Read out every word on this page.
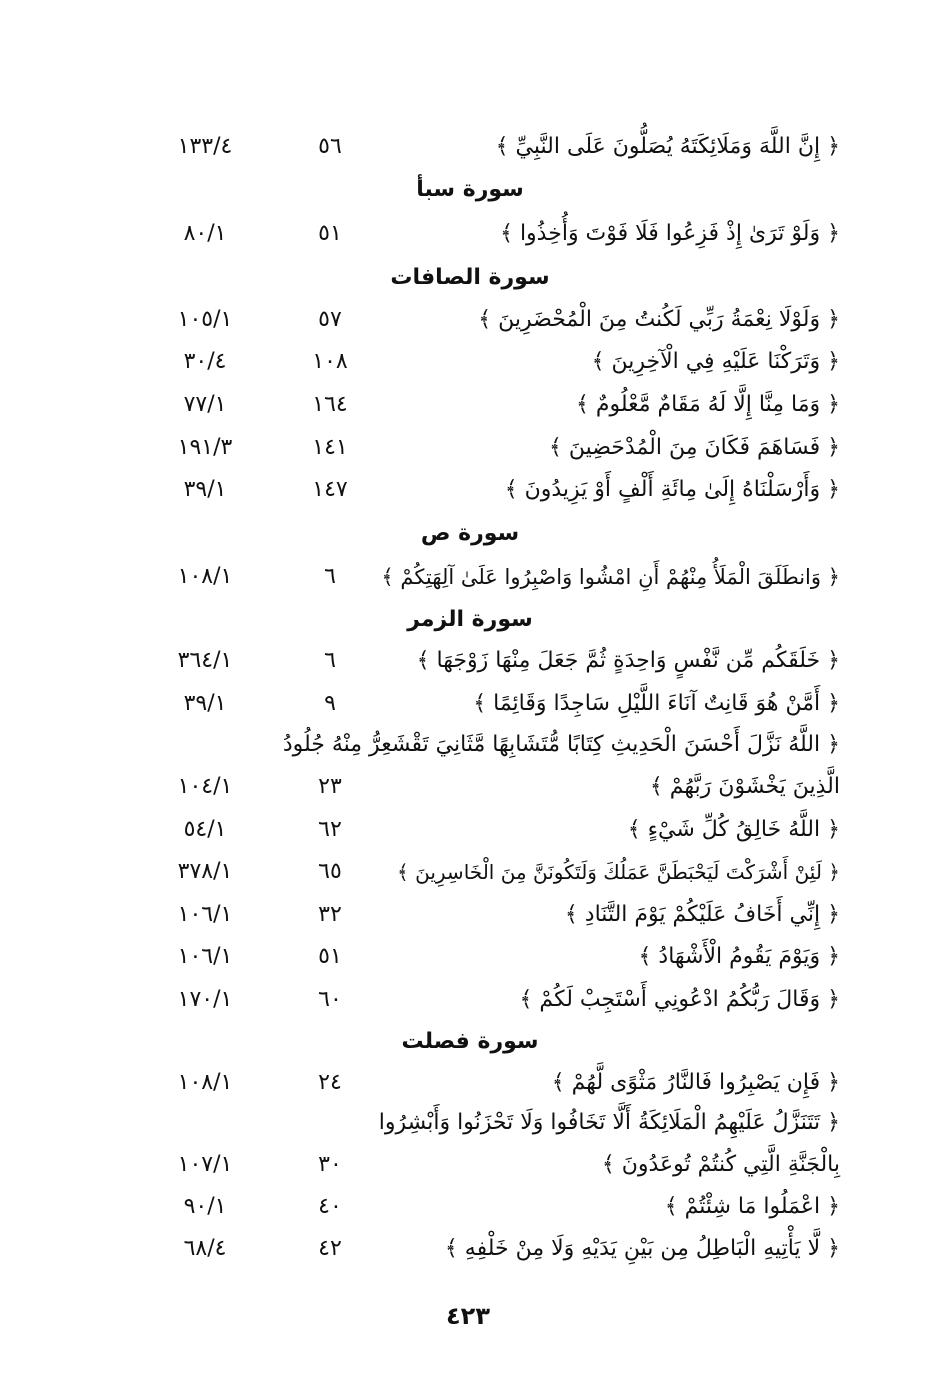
﴿ إِنَّ اللَّهَ وَمَلَائِكَتَهُ يُصَلُّونَ عَلَى النَّبِيِّ ﴾
٥٦
١٣٣/٤
سورة سبأ
﴿ وَلَوْ تَرَىٰ إِذْ فَزِعُوا فَلَا فَوْتَ وَأُخِذُوا ﴾
٥١
٨٠/١
سورة الصافات
﴿ وَلَوْلَا نِعْمَةُ رَبِّي لَكُنتُ مِنَ الْمُحْضَرِينَ ﴾
٥٧
١٠٥/١
﴿ وَتَرَكْنَا عَلَيْهِ فِي الْآخِرِينَ ﴾
١٠٨
٣٠/٤
﴿ وَمَا مِنَّا إِلَّا لَهُ مَقَامٌ مَّعْلُومٌ ﴾
١٦٤
٧٧/١
﴿ فَسَاهَمَ فَكَانَ مِنَ الْمُدْحَضِينَ ﴾
١٤١
١٩١/٣
﴿ وَأَرْسَلْنَاهُ إِلَىٰ مِائَةِ أَلْفٍ أَوْ يَزِيدُونَ ﴾
١٤٧
٣٩/١
سورة ص
﴿ وَانطَلَقَ الْمَلَأُ مِنْهُمْ أَنِ امْشُوا وَاصْبِرُوا عَلَىٰ آلِهَتِكُمْ ﴾
٦
١٠٨/١
سورة الزمر
﴿ خَلَقَكُم مِّن نَّفْسٍ وَاحِدَةٍ ثُمَّ جَعَلَ مِنْهَا زَوْجَهَا ﴾
٦
٣٦٤/١
﴿ أَمَّنْ هُوَ قَانِتٌ آنَاءَ اللَّيْلِ سَاجِدًا وَقَائِمًا ﴾
٩
٣٩/١
﴿ اللَّهُ نَزَّلَ أَحْسَنَ الْحَدِيثِ كِتَابًا مُّتَشَابِهًا مَّثَانِيَ تَقْشَعِرُّ مِنْهُ جُلُودُ
الَّذِينَ يَخْشَوْنَ رَبَّهُمْ ﴾
٢٣
١٠٤/١
﴿ اللَّهُ خَالِقُ كُلِّ شَيْءٍ ﴾
٦٢
٥٤/١
﴿ لَئِنْ أَشْرَكْتَ لَيَحْبَطَنَّ عَمَلُكَ وَلَتَكُونَنَّ مِنَ الْخَاسِرِينَ ﴾
٦٥
٣٧٨/١
﴿ إِنِّي أَخَافُ عَلَيْكُمْ يَوْمَ التَّنَادِ ﴾
٣٢
١٠٦/١
﴿ وَيَوْمَ يَقُومُ الْأَشْهَادُ ﴾
٥١
١٠٦/١
﴿ وَقَالَ رَبُّكُمُ ادْعُونِي أَسْتَجِبْ لَكُمْ ﴾
٦٠
١٧٠/١
سورة فصلت
﴿ فَإِن يَصْبِرُوا فَالنَّارُ مَثْوًى لَّهُمْ ﴾
٢٤
١٠٨/١
﴿ تَتَنَزَّلُ عَلَيْهِمُ الْمَلَائِكَةُ أَلَّا تَخَافُوا وَلَا تَحْزَنُوا وَأَبْشِرُوا
بِالْجَنَّةِ الَّتِي كُنتُمْ تُوعَدُونَ ﴾
٣٠
١٠٧/١
﴿ اعْمَلُوا مَا شِئْتُمْ ﴾
٤٠
٩٠/١
﴿ لَّا يَأْتِيهِ الْبَاطِلُ مِن بَيْنِ يَدَيْهِ وَلَا مِنْ خَلْفِهِ ﴾
٤٢
٦٨/٤
٤٢٣
